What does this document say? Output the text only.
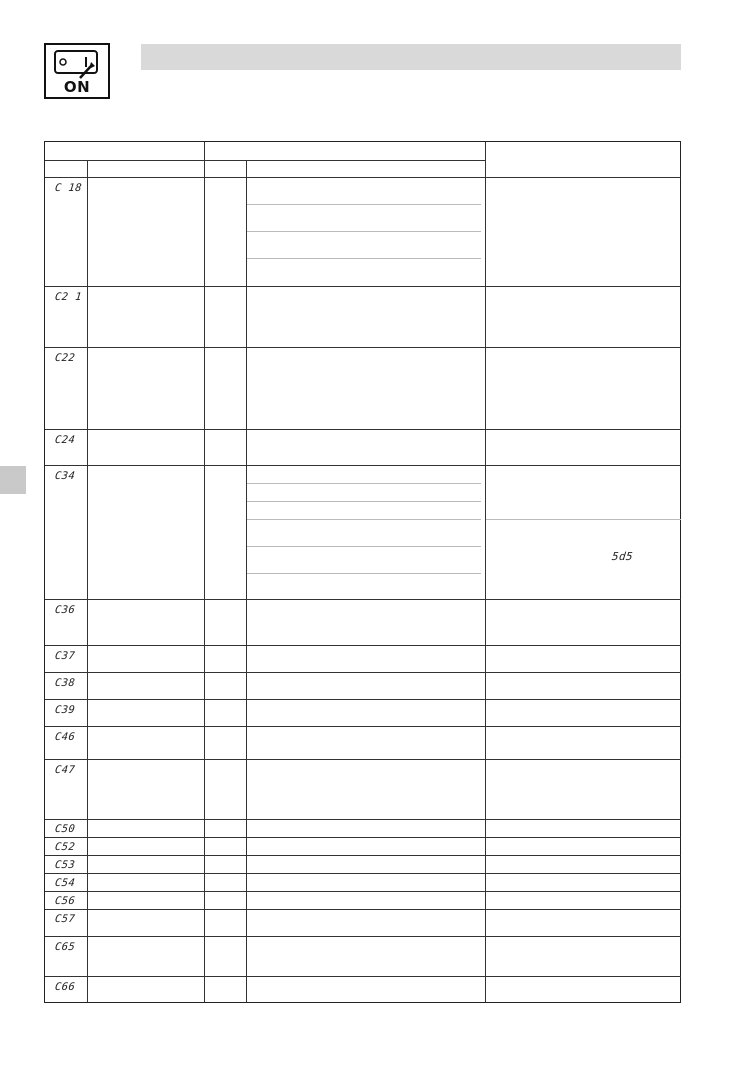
ON
C 18
C2 1
C22
C24
C34
C36
C37
C38
C39
C46
C47
C50
C52
C53
C54
C56
C57
C65
C66
5d5
